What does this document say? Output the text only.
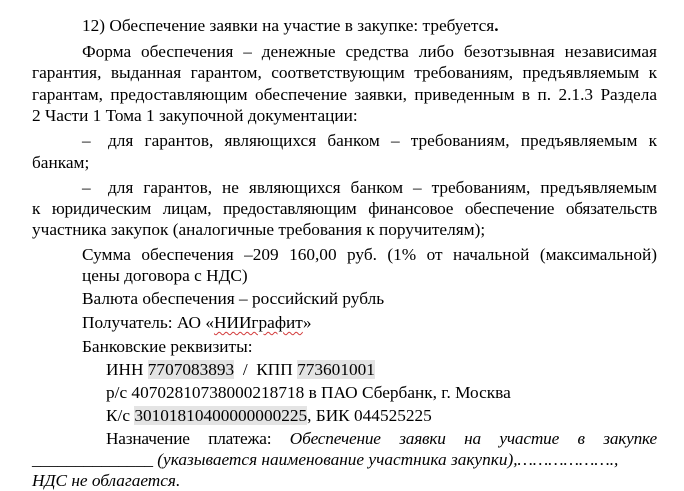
12) Обеспечение заявки на участие в закупке: требуется.
Форма обеспечения – денежные средства либо безотзывная независимая
гарантия, выданная гарантом, соответствующим требованиям, предъявляемым к
гарантам, предоставляющим обеспечение заявки, приведенным в п. 2.1.3 Раздела
2 Части 1 Тома 1 закупочной документации:
–	для гарантов, являющихся банком – требованиям, предъявляемым к
банкам;
–	для гарантов, не являющихся банком – требованиям, предъявляемым
к юридическим лицам, предоставляющим финансовое обеспечение обязательств
участника закупок (аналогичные требования к поручителям);
Сумма обеспечения –209 160,00 руб. (1% от начальной (максимальной)
цены договора с НДС)
Валюта обеспечения – российский рубль
Получатель: АО «НИИграфит»
Банковские реквизиты:
ИНН 7707083893 / КПП 773601001
р/с 40702810738000218718 в ПАО Сбербанк, г. Москва
К/с 30101810400000000225, БИК 044525225
Назначение платежа: Обеспечение заявки на участие в закупке
______________ (указывается наименование участника закупки),……………….,
НДС не облагается.
